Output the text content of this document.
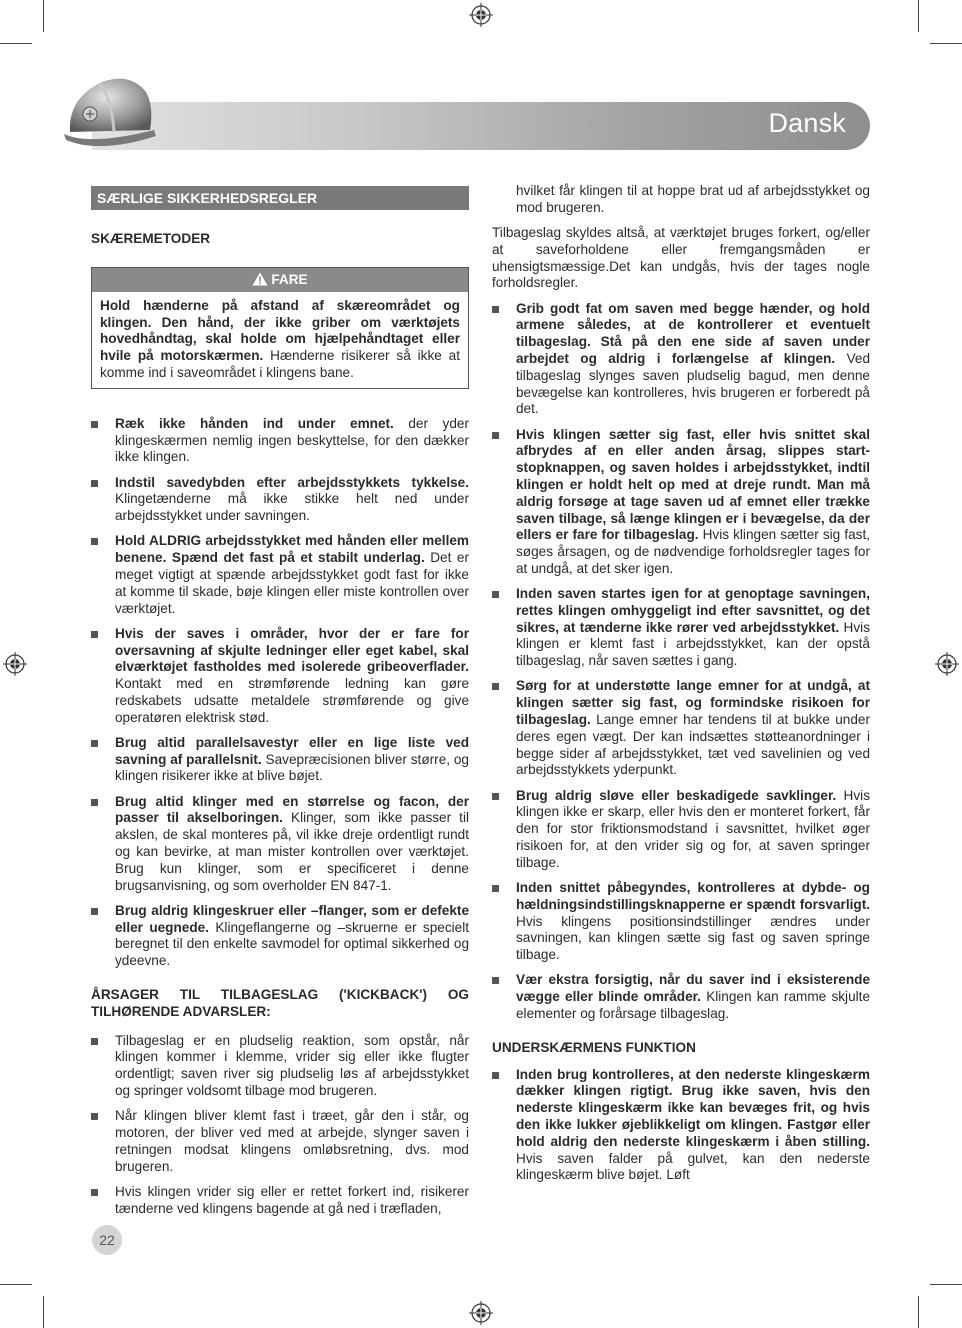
Dansk
SÆRLIGE SIKKERHEDSREGLER
SKÆREMETODER
FARE
Hold hænderne på afstand af skæreområdet og klingen. Den hånd, der ikke griber om værktøjets hovedhåndtag, skal holde om hjælpehåndtaget eller hvile på motorskærmen. Hænderne risikerer så ikke at komme ind i saveområdet i klingens bane.
Ræk ikke hånden ind under emnet. der yder klingeskærmen nemlig ingen beskyttelse, for den dækker ikke klingen.
Indstil savedybden efter arbejdsstykkets tykkelse. Klingetænderne må ikke stikke helt ned under arbejdsstykket under savningen.
Hold ALDRIG arbejdsstykket med hånden eller mellem benene. Spænd det fast på et stabilt underlag. Det er meget vigtigt at spænde arbejdsstykket godt fast for ikke at komme til skade, bøje klingen eller miste kontrollen over værktøjet.
Hvis der saves i områder, hvor der er fare for oversavning af skjulte ledninger eller eget kabel, skal elværktøjet fastholdes med isolerede gribeoverflader. Kontakt med en strømførende ledning kan gøre redskabets udsatte metaldele strømførende og give operatøren elektrisk stød.
Brug altid parallelsavestyr eller en lige liste ved savning af parallelsnit. Savepræcisionen bliver større, og klingen risikerer ikke at blive bøjet.
Brug altid klinger med en størrelse og facon, der passer til akselboringen. Klinger, som ikke passer til akslen, de skal monteres på, vil ikke dreje ordentligt rundt og kan bevirke, at man mister kontrollen over værktøjet. Brug kun klinger, som er specificeret i denne brugsanvisning, og som overholder EN 847-1.
Brug aldrig klingeskruer eller –flanger, som er defekte eller uegnede. Klingeflangerne og –skruerne er specielt beregnet til den enkelte savmodel for optimal sikkerhed og ydeevne.
ÅRSAGER TIL TILBAGESLAG ('KICKBACK') OG TILHØRENDE ADVARSLER:
Tilbageslag er en pludselig reaktion, som opstår, når klingen kommer i klemme, vrider sig eller ikke flugter ordentligt; saven river sig pludselig løs af arbejdsstykket og springer voldsomt tilbage mod brugeren.
Når klingen bliver klemt fast i træet, går den i står, og motoren, der bliver ved med at arbejde, slynger saven i retningen modsat klingens omløbsretning, dvs. mod brugeren.
Hvis klingen vrider sig eller er rettet forkert ind, risikerer tænderne ved klingens bagende at gå ned i træfladen,
hvilket får klingen til at hoppe brat ud af arbejdsstykket og mod brugeren.
Tilbageslag skyldes altså, at værktøjet bruges forkert, og/eller at saveforholdene eller fremgangsmåden er uhensigtsmæssige.Det kan undgås, hvis der tages nogle forholdsregler.
Grib godt fat om saven med begge hænder, og hold armene således, at de kontrollerer et eventuelt tilbageslag. Stå på den ene side af saven under arbejdet og aldrig i forlængelse af klingen. Ved tilbageslag slynges saven pludselig bagud, men denne bevægelse kan kontrolleres, hvis brugeren er forberedt på det.
Hvis klingen sætter sig fast, eller hvis snittet skal afbrydes af en eller anden årsag, slippes start-stopknappen, og saven holdes i arbejdsstykket, indtil klingen er holdt helt op med at dreje rundt. Man må aldrig forsøge at tage saven ud af emnet eller trække saven tilbage, så længe klingen er i bevægelse, da der ellers er fare for tilbageslag. Hvis klingen sætter sig fast, søges årsagen, og de nødvendige forholdsregler tages for at undgå, at det sker igen.
Inden saven startes igen for at genoptage savningen, rettes klingen omhyggeligt ind efter savsnittet, og det sikres, at tænderne ikke rører ved arbejdsstykket. Hvis klingen er klemt fast i arbejdsstykket, kan der opstå tilbageslag, når saven sættes i gang.
Sørg for at understøtte lange emner for at undgå, at klingen sætter sig fast, og formindske risikoen for tilbageslag. Lange emner har tendens til at bukke under deres egen vægt. Der kan indsættes støtteanordninger i begge sider af arbejdsstykket, tæt ved savelinien og ved arbejdsstykkets yderpunkt.
Brug aldrig sløve eller beskadigede savklinger. Hvis klingen ikke er skarp, eller hvis den er monteret forkert, får den for stor friktionsmodstand i savsnittet, hvilket øger risikoen for, at den vrider sig og for, at saven springer tilbage.
Inden snittet påbegyndes, kontrolleres at dybde- og hældningsindstillingsknapperne er spændt forsvarligt. Hvis klingens positionsindstillinger ændres under savningen, kan klingen sætte sig fast og saven springe tilbage.
Vær ekstra forsigtig, når du saver ind i eksisterende vægge eller blinde områder. Klingen kan ramme skjulte elementer og forårsage tilbageslag.
UNDERSKÆRMENS FUNKTION
Inden brug kontrolleres, at den nederste klingeskærm dækker klingen rigtigt. Brug ikke saven, hvis den nederste klingeskærm ikke kan bevæges frit, og hvis den ikke lukker øjeblikkeligt om klingen. Fastgør eller hold aldrig den nederste klingeskærm i åben stilling. Hvis saven falder på gulvet, kan den nederste klingeskærm blive bøjet. Løft
22
